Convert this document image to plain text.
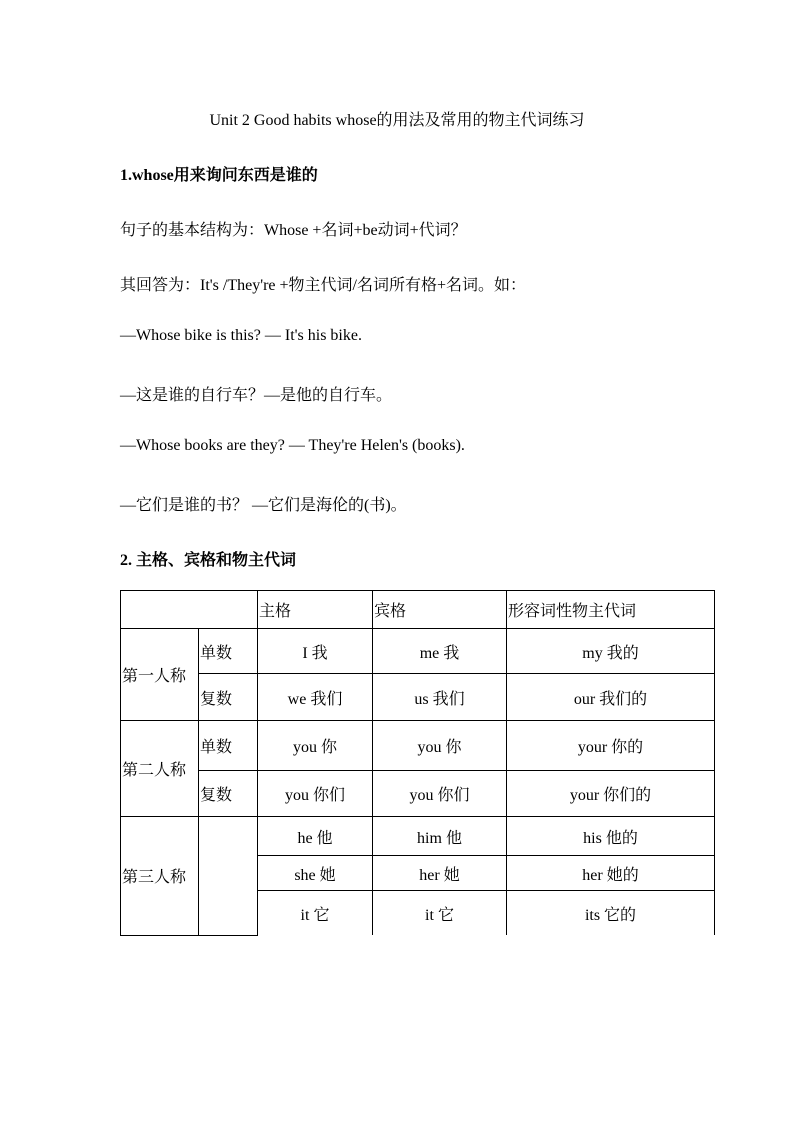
Unit 2 Good habits whose的用法及常用的物主代词练习
1.whose用来询问东西是谁的
句子的基本结构为：Whose +名词+be动词+代词？
其回答为：It's /They're +物主代词/名词所有格+名词。如：
—Whose bike is this? — It's his bike.
—这是谁的自行车？—是他的自行车。
—Whose books are they? — They're Helen's (books).
—它们是谁的书？ —它们是海伦的(书)。
2. 主格、宾格和物主代词
		主格	宾格	形容词性物主代词
第一人称	单数	I 我	me 我	my 我的
	复数	we 我们	us 我们	our 我们的
第二人称	单数	you 你	you 你	your 你的
	复数	you 你们	you 你们	your 你们的
第三人称		he 他	him 他	his 他的
		she 她	her 她	her 她的
		it 它	it 它	its 它的
